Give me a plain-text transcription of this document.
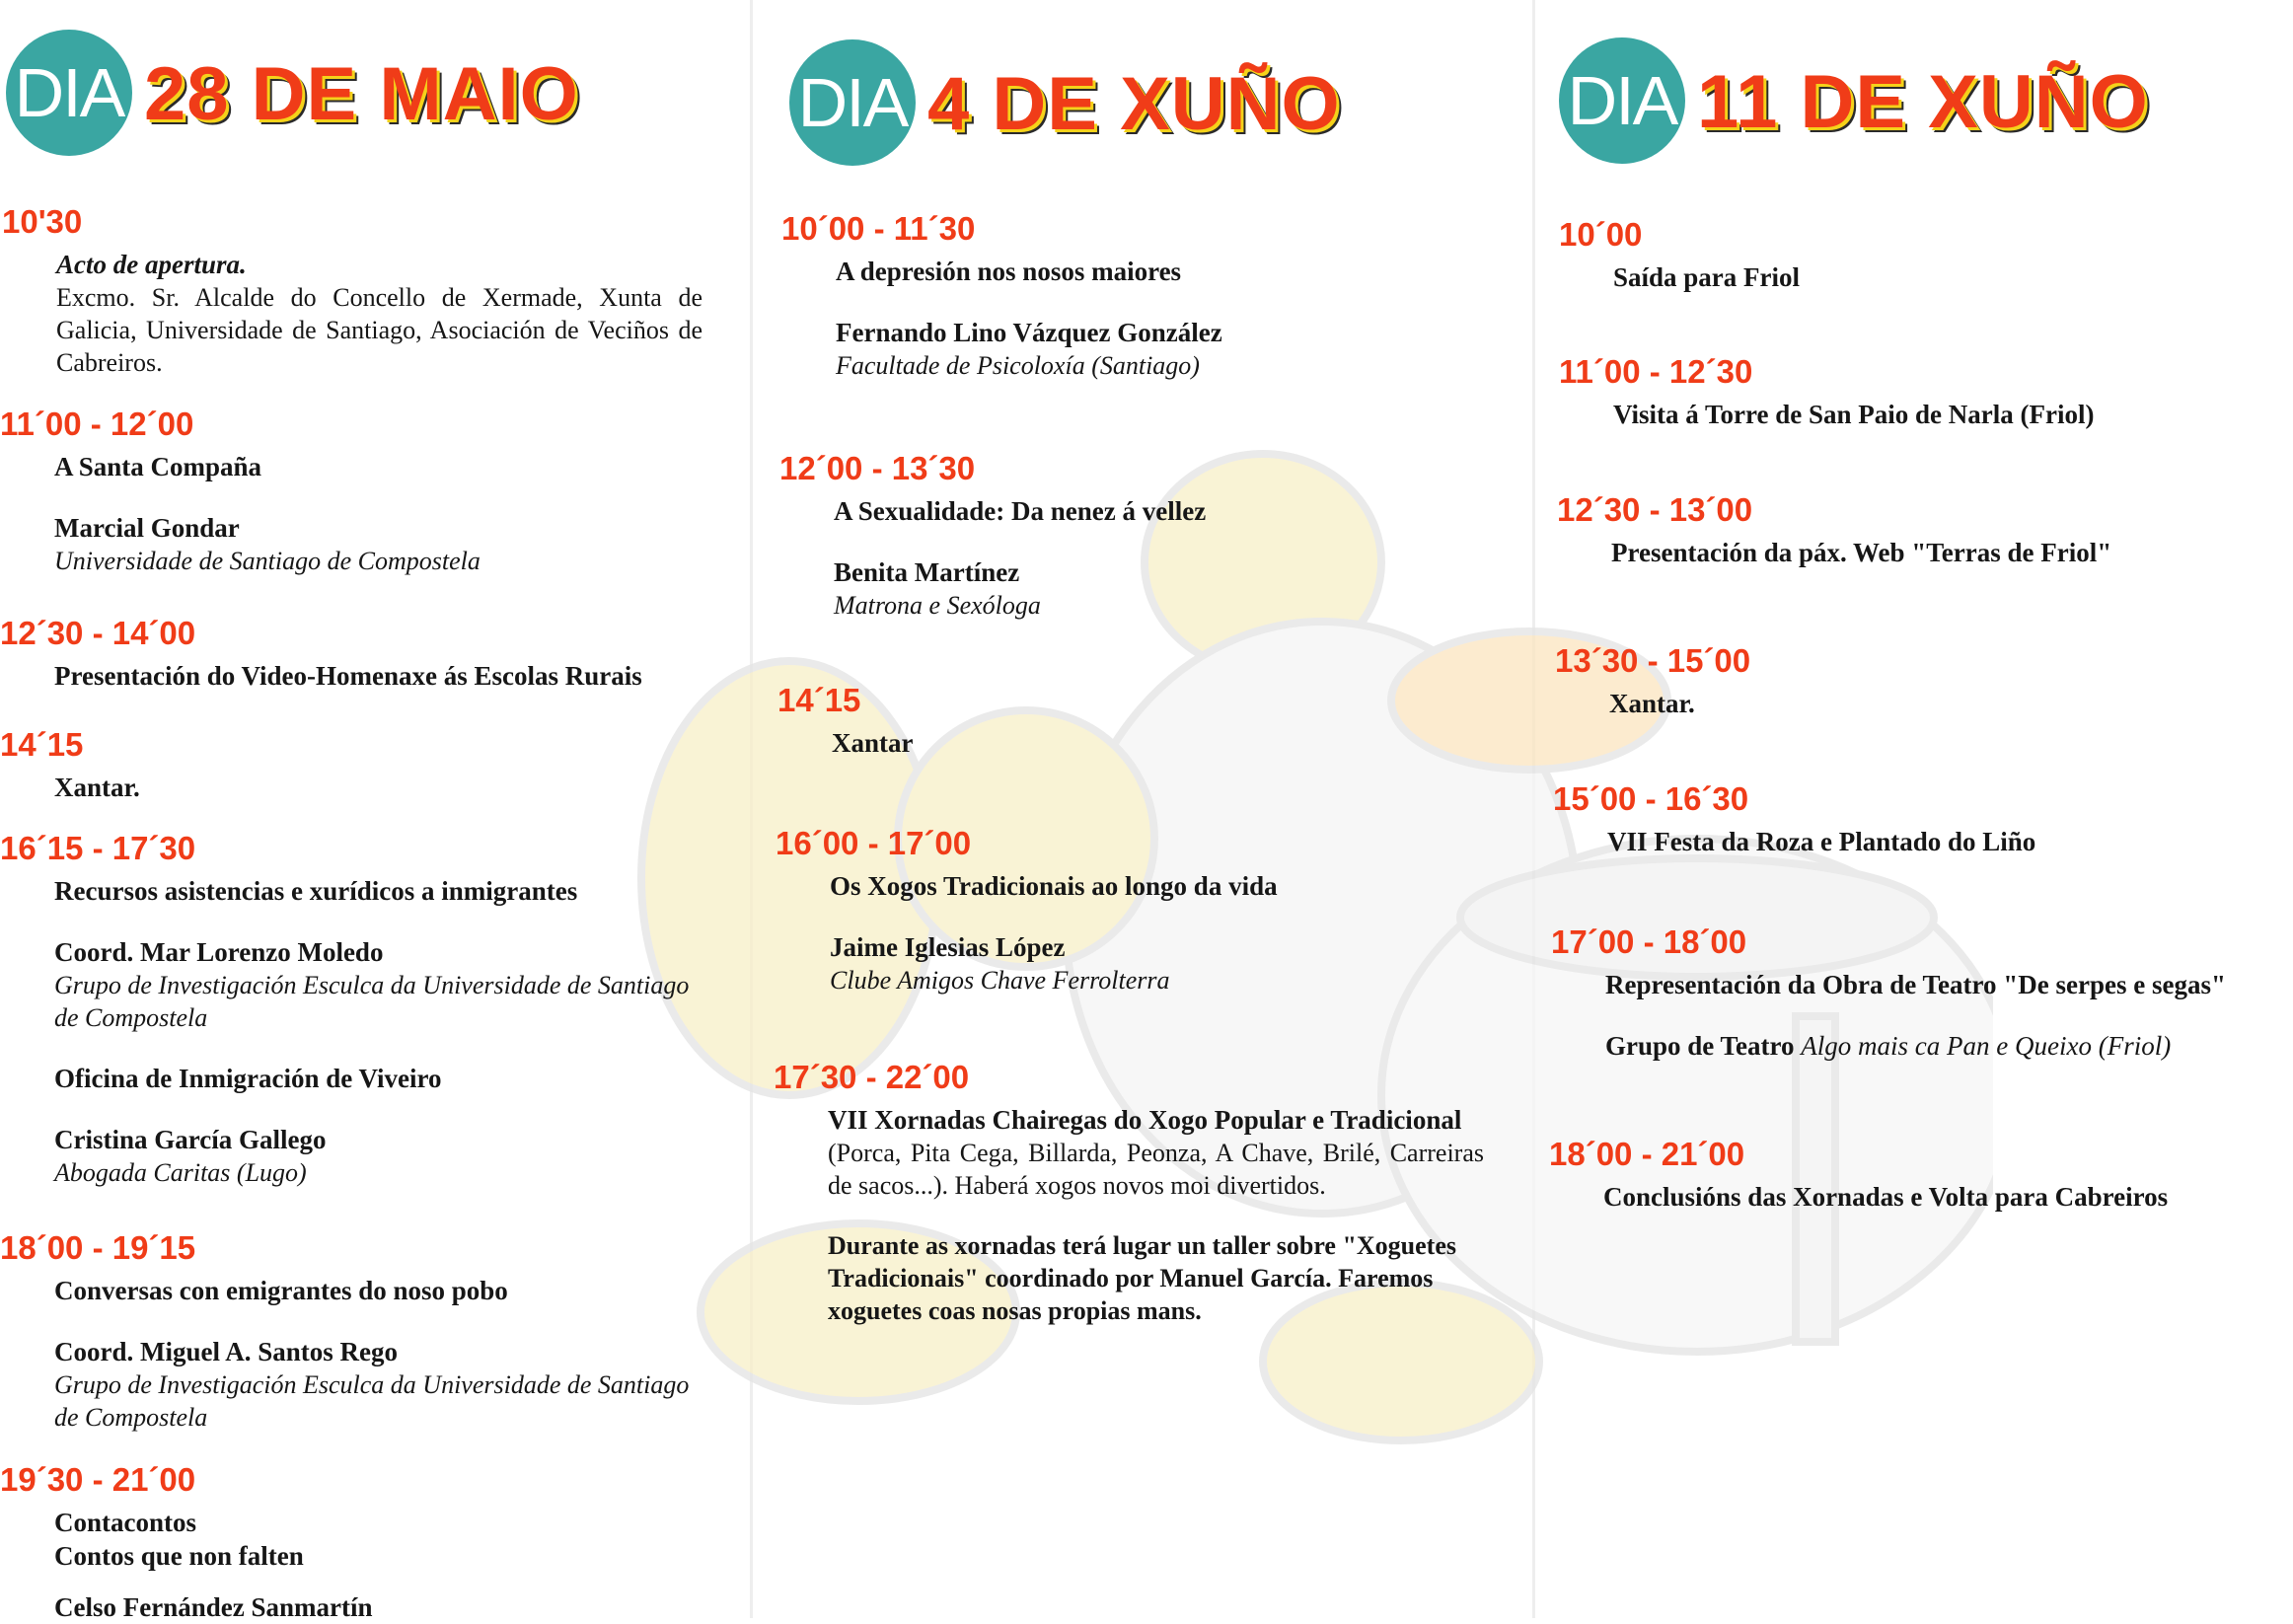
DIA 28 DE MAIO
10'30
Acto de apertura.
Excmo. Sr. Alcalde do Concello de Xermade, Xunta de Galicia, Universidade de Santiago, Asociación de Veciños de Cabreiros.
11´00 - 12´00
A Santa Compaña
Marcial Gondar
Universidade de Santiago de Compostela
12´30 - 14´00
Presentación do Video-Homenaxe ás Escolas Rurais
14´15
Xantar.
16´15 - 17´30
Recursos asistencias e xurídicos a inmigrantes
Coord. Mar Lorenzo Moledo
Grupo de Investigación Esculca da Universidade de Santiago de Compostela
Oficina de Inmigración de Viveiro
Cristina García Gallego
Abogada Caritas (Lugo)
18´00 - 19´15
Conversas con emigrantes do noso pobo
Coord. Miguel A. Santos Rego
Grupo de Investigación Esculca da Universidade de Santiago de Compostela
19´30 - 21´00
Contacontos
Contos que non falten
Celso Fernández Sanmartín
DIA 4 DE XUÑO
10´00 - 11´30
A depresión nos nosos maiores
Fernando Lino Vázquez González
Facultade de Psicoloxía (Santiago)
12´00 - 13´30
A Sexualidade: Da nenez á vellez
Benita Martínez
Matrona e Sexóloga
14´15
Xantar
16´00 - 17´00
Os Xogos Tradicionais ao longo da vida
Jaime Iglesias López
Clube Amigos Chave Ferrolterra
17´30 - 22´00
VII Xornadas Chairegas do Xogo Popular e Tradicional
(Porca, Pita Cega, Billarda, Peonza, A Chave, Brilé, Carreiras de sacos...). Haberá xogos novos moi divertidos.
Durante as xornadas terá lugar un taller sobre "Xoguetes Tradicionais" coordinado por Manuel García. Faremos xoguetes coas nosas propias mans.
DIA 11 DE XUÑO
10´00
Saída para Friol
11´00 - 12´30
Visita á Torre de San Paio de Narla (Friol)
12´30 - 13´00
Presentación da páx. Web "Terras de Friol"
13´30 - 15´00
Xantar.
15´00 - 16´30
VII Festa da Roza e Plantado do Liño
17´00 - 18´00
Representación da Obra de Teatro "De serpes e segas"
Grupo de Teatro Algo mais ca Pan e Queixo (Friol)
18´00 - 21´00
Conclusións das Xornadas e Volta para Cabreiros
